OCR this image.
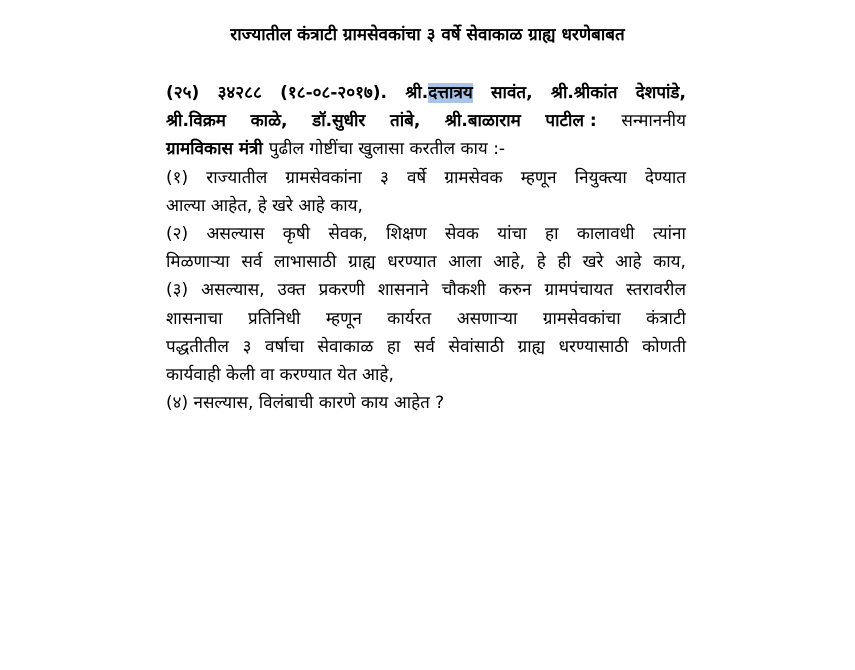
राज्यातील कंत्राटी ग्रामसेवकांचा ३ वर्षे सेवाकाळ ग्राह्य धरणेबाबत
(२५) ३४२८८ (१८-०८-२०१७). श्री.दत्तात्रय सावंत, श्री.श्रीकांत देशपांडे,
श्री.विक्रम काळे, डॉ.सुधीर तांबे, श्री.बाळाराम पाटील : सन्माननीय
ग्रामविकास मंत्री पुढील गोष्टींचा खुलासा करतील काय :-
(१) राज्यातील ग्रामसेवकांना ३ वर्षे ग्रामसेवक म्हणून नियुक्त्या देण्यात
आल्या आहेत, हे खरे आहे काय,
(२) असल्यास कृषी सेवक, शिक्षण सेवक यांचा हा कालावधी त्यांना
मिळणाऱ्या सर्व लाभासाठी ग्राह्य धरण्यात आला आहे, हे ही खरे आहे काय,
(३) असल्यास, उक्त प्रकरणी शासनाने चौकशी करुन ग्रामपंचायत स्तरावरील
शासनाचा प्रतिनिधी म्हणून कार्यरत असणाऱ्या ग्रामसेवकांचा कंत्राटी
पद्धतीतील ३ वर्षाचा सेवाकाळ हा सर्व सेवांसाठी ग्राह्य धरण्यासाठी कोणती
कार्यवाही केली वा करण्यात येत आहे,
(४) नसल्यास, विलंबाची कारणे काय आहेत ?
